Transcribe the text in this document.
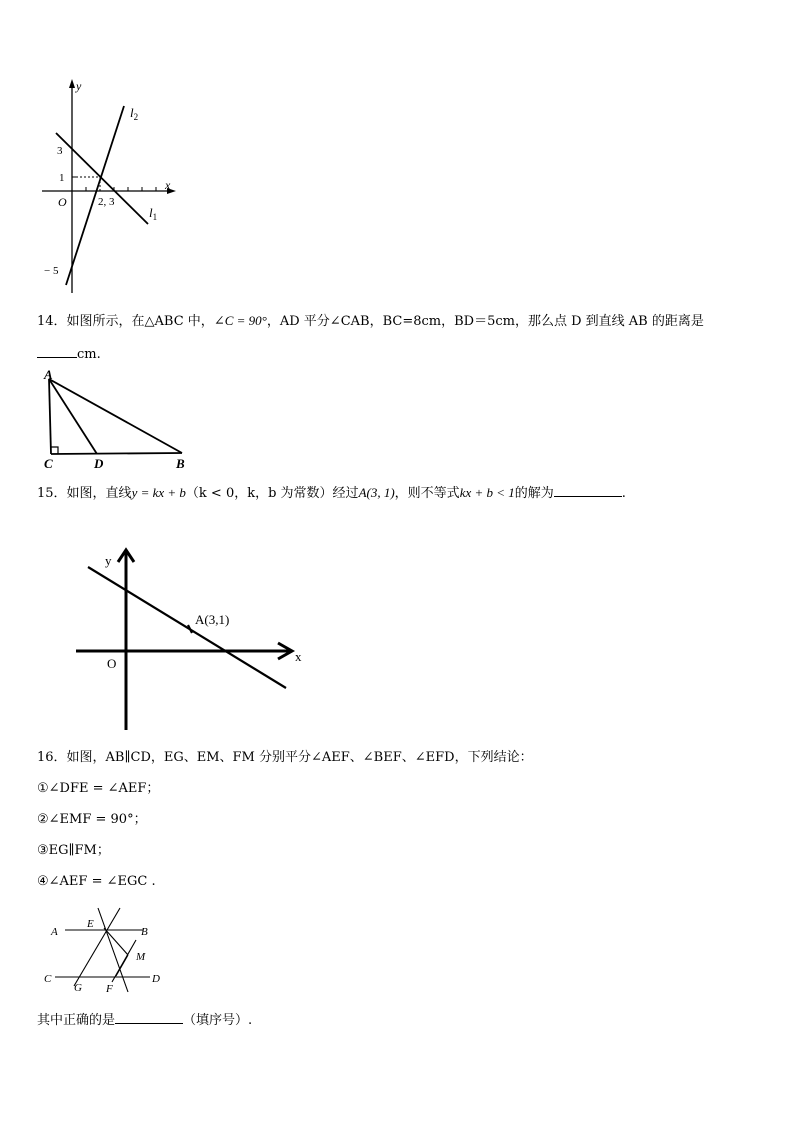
y
x
O
3
1
− 5
2, 3
$l_2$
$l_1$
14．如图所示，在△ABC 中，∠C = 90°，AD 平分∠CAB，BC=8cm，BD＝5cm，那么点 D 到直线 AB 的距离是
cm.
A
C	D	B
15．如图，直线y = kx + b（k < 0，k，b 为常数）经过A(3, 1)，则不等式kx + b < 1的解为	.
y
x
O
A(3,1)
16．如图，AB∥CD，EG、EM、FM 分别平分∠AEF、∠BEF、∠EFD，下列结论：
①∠DFE = ∠AEF；
②∠EMF = 90°；
③EG∥FM；
④∠AEF = ∠EGC .
A
E
B
M
C
G F
D
其中正确的是	（填序号）.
